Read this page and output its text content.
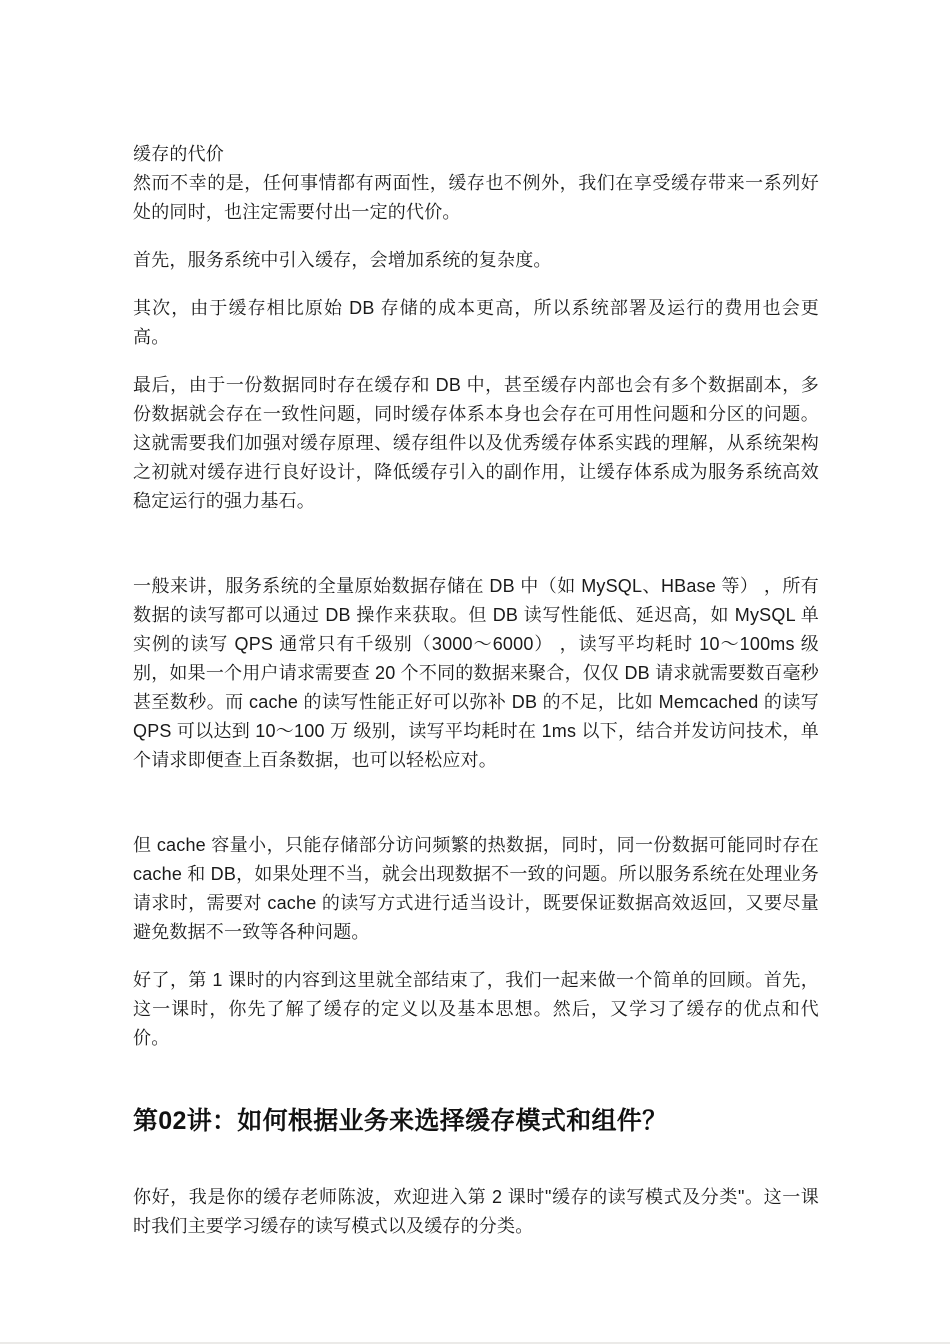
缓存的代价

然而不幸的是，任何事情都有两面性，缓存也不例外，我们在享受缓存带来一系列好处的同时，也注定需要付出一定的代价。

首先，服务系统中引入缓存，会增加系统的复杂度。

其次，由于缓存相比原始 DB 存储的成本更高，所以系统部署及运行的费用也会更高。

最后，由于一份数据同时存在缓存和 DB 中，甚至缓存内部也会有多个数据副本，多份数据就会存在一致性问题，同时缓存体系本身也会存在可用性问题和分区的问题。这就需要我们加强对缓存原理、缓存组件以及优秀缓存体系实践的理解，从系统架构之初就对缓存进行良好设计，降低缓存引入的副作用，让缓存体系成为服务系统高效稳定运行的强力基石。

一般来讲，服务系统的全量原始数据存储在 DB 中（如 MySQL、HBase 等） ，所有数据的读写都可以通过 DB 操作来获取。但 DB 读写性能低、延迟高，如 MySQL 单实例的读写 QPS 通常只有千级别（3000～6000） ，读写平均耗时 10～100ms 级别，如果一个用户请求需要查 20 个不同的数据来聚合，仅仅 DB 请求就需要数百毫秒甚至数秒。而 cache 的读写性能正好可以弥补 DB 的不足，比如 Memcached 的读写 QPS 可以达到 10～100 万 级别，读写平均耗时在 1ms 以下，结合并发访问技术，单个请求即便查上百条数据，也可以轻松应对。

但 cache 容量小，只能存储部分访问频繁的热数据，同时，同一份数据可能同时存在 cache 和 DB，如果处理不当，就会出现数据不一致的问题。所以服务系统在处理业务请求时，需要对 cache 的读写方式进行适当设计，既要保证数据高效返回，又要尽量避免数据不一致等各种问题。

好了，第 1 课时的内容到这里就全部结束了，我们一起来做一个简单的回顾。首先，这一课时，你先了解了缓存的定义以及基本思想。然后，又学习了缓存的优点和代价。

第02讲：如何根据业务来选择缓存模式和组件？

你好，我是你的缓存老师陈波，欢迎进入第 2 课时"缓存的读写模式及分类"。这一课时我们主要学习缓存的读写模式以及缓存的分类。
